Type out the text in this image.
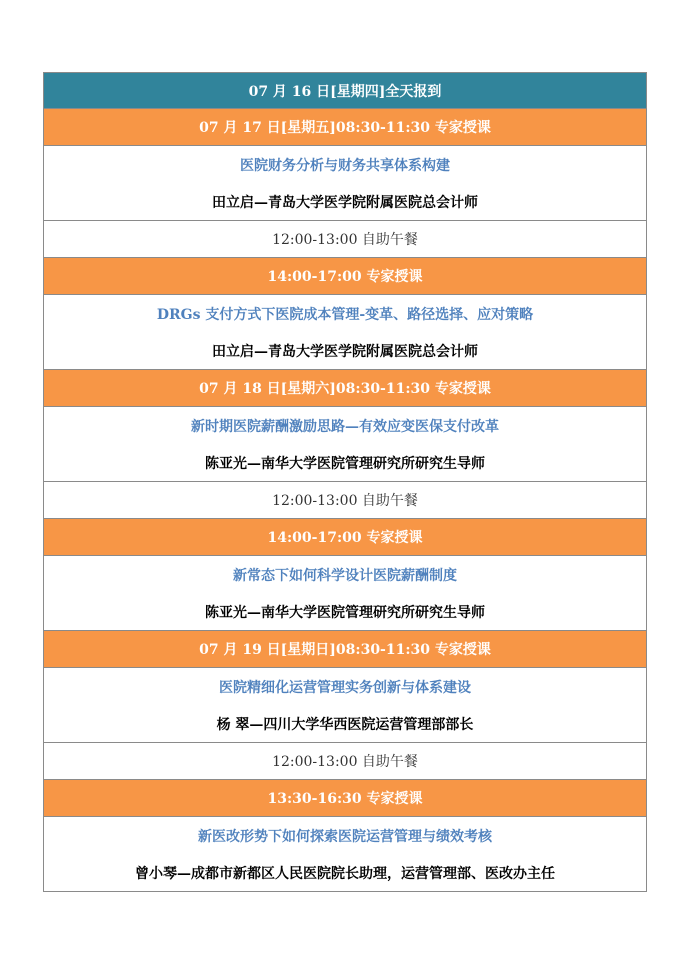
07 月 16 日[星期四]全天报到
07 月 17 日[星期五]08:30-11:30 专家授课
医院财务分析与财务共享体系构建
田立启—青岛大学医学院附属医院总会计师
12:00-13:00 自助午餐
14:00-17:00 专家授课
DRGs 支付方式下医院成本管理-变革、路径选择、应对策略
田立启—青岛大学医学院附属医院总会计师
07 月 18 日[星期六]08:30-11:30 专家授课
新时期医院薪酬激励思路—有效应变医保支付改革
陈亚光—南华大学医院管理研究所研究生导师
12:00-13:00 自助午餐
14:00-17:00 专家授课
新常态下如何科学设计医院薪酬制度
陈亚光—南华大学医院管理研究所研究生导师
07 月 19 日[星期日]08:30-11:30 专家授课
医院精细化运营管理实务创新与体系建设
杨 翠—四川大学华西医院运营管理部部长
12:00-13:00 自助午餐
13:30-16:30 专家授课
新医改形势下如何探索医院运营管理与绩效考核
曾小琴—成都市新都区人民医院院长助理，运营管理部、医改办主任
